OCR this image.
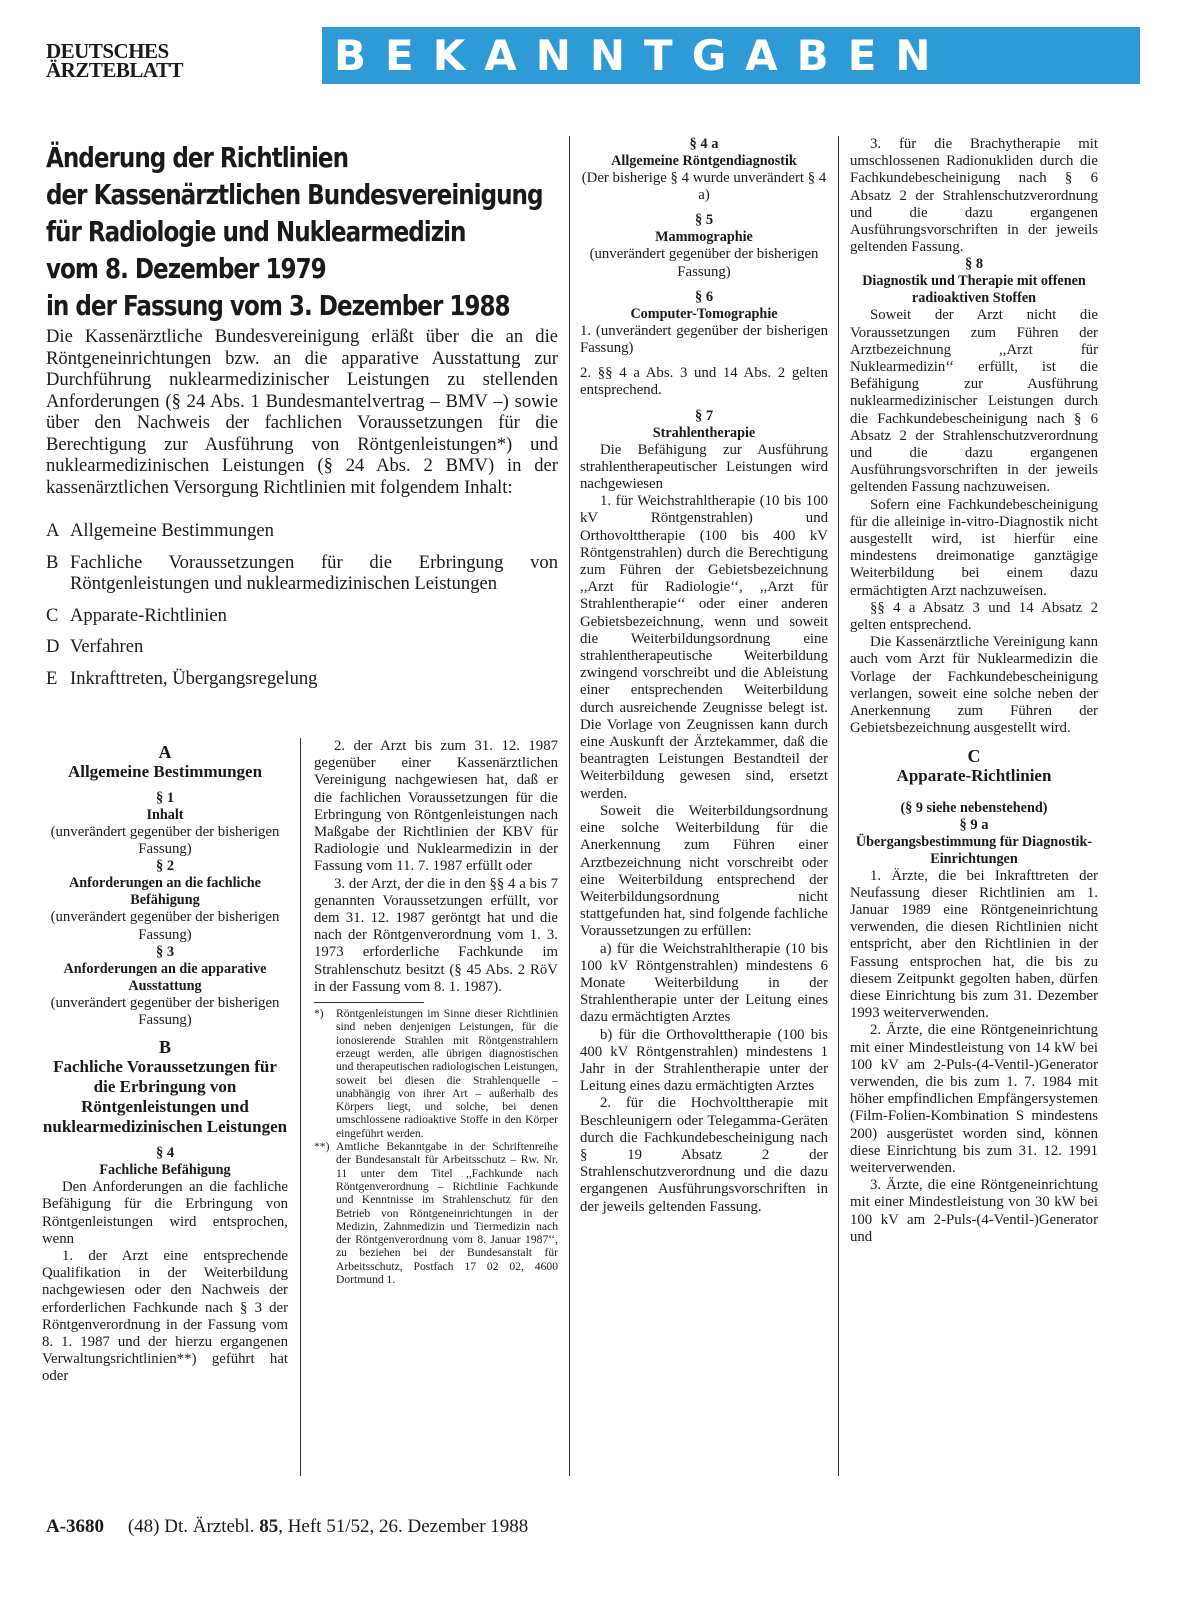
DEUTSCHES
ÄRZTEBLATT	BEKANNTGABEN
Änderung der Richtlinien
der Kassenärztlichen Bundesvereinigung
für Radiologie und Nuklearmedizin
vom 8. Dezember 1979
in der Fassung vom 3. Dezember 1988

Die Kassenärztliche Bundesvereinigung erläßt über die an die Röntgeneinrichtungen bzw. an die apparative Ausstattung zur Durchführung nuklearmedizinischer Leistungen zu stellenden Anforderungen (§ 24 Abs. 1 Bundesmantelvertrag – BMV –) sowie über den Nachweis der fachlichen Voraussetzungen für die Berechtigung zur Ausführung von Röntgenleistungen*) und nuklearmedizinischen Leistungen (§ 24 Abs. 2 BMV) in der kassenärztlichen Versorgung Richtlinien mit folgendem Inhalt:

A Allgemeine Bestimmungen
B Fachliche Voraussetzungen für die Erbringung von Röntgenleistungen und nuklearmedizinischen Leistungen
C Apparate-Richtlinien
D Verfahren
E Inkrafttreten, Übergangsregelung
A
Allgemeine Bestimmungen
§ 1
Inhalt

(unverändert gegenüber der bisherigen Fassung)

§ 2
Anforderungen an die fachliche Befähigung

(unverändert gegenüber der bisherigen Fassung)

§ 3
Anforderungen an die apparative Ausstattung

(unverändert gegenüber der bisherigen Fassung)

B
Fachliche Voraussetzungen für die Erbringung von Röntgenleistungen und nuklearmedizinischen Leistungen
§ 4
Fachliche Befähigung

Den Anforderungen an die fachliche Befähigung für die Erbringung von Röntgenleistungen wird entsprochen, wenn

1. der Arzt eine entsprechende Qualifikation in der Weiterbildung nachgewiesen oder den Nachweis der erforderlichen Fachkunde nach § 3 der Röntgenverordnung in der Fassung vom 8. 1. 1987 und der hierzu ergangenen Verwaltungsrichtlinien**) geführt hat oder

2. der Arzt bis zum 31. 12. 1987 gegenüber einer Kassenärztlichen Vereinigung nachgewiesen hat, daß er die fachlichen Voraussetzungen für die Erbringung von Röntgenleistungen nach Maßgabe der Richtlinien der KBV für Radiologie und Nuklearmedizin in der Fassung vom 11. 7. 1987 erfüllt oder

3. der Arzt, der die in den §§ 4 a bis 7 genannten Voraussetzungen erfüllt, vor dem 31. 12. 1987 geröntgt hat und die nach der Röntgenverordnung vom 1. 3. 1973 erforderliche Fachkunde im Strahlenschutz besitzt (§ 45 Abs. 2 RöV in der Fassung vom 8. 1. 1987).

*)	Röntgenleistungen im Sinne dieser Richtlinien sind neben denjenigen Leistungen, für die ionosierende Strahlen mit Röntgenstrahlern erzeugt werden, alle übrigen diagnostischen und therapeutischen radiologischen Leistungen, soweit bei diesen die Strahlenquelle – unabhängig von ihrer Art – außerhalb des Körpers liegt, und solche, bei denen umschlossene radioaktive Stoffe in den Körper eingeführt werden.
**) Amtliche Bekanntgabe in der Schriftenreihe der Bundesanstalt für Arbeitsschutz – Rw. Nr. 11 unter dem Titel ,,Fachkunde nach Röntgenverordnung – Richtlinie Fachkunde und Kenntnisse im Strahlenschutz für den Betrieb von Röntgeneinrichtungen in der Medizin, Zahnmedizin und Tiermedizin nach der Röntgenverordnung vom 8. Januar 1987‘‘, zu beziehen bei der Bundesanstalt für Arbeitsschutz, Postfach 17 02 02, 4600 Dortmund 1.
§ 4 a
Allgemeine Röntgendiagnostik

(Der bisherige § 4 wurde unverändert § 4 a)

§ 5
Mammographie

(unverändert gegenüber der bisherigen Fassung)

§ 6
Computer-Tomographie

1. (unverändert gegenüber der bisherigen Fassung)

2. §§ 4 a Abs. 3 und 14 Abs. 2 gelten entsprechend.

§ 7
Strahlentherapie

Die Befähigung zur Ausführung strahlentherapeutischer Leistungen wird nachgewiesen

1. für Weichstrahltherapie (10 bis 100 kV Röntgenstrahlen) und Orthovolttherapie (100 bis 400 kV Röntgenstrahlen) durch die Berechtigung zum Führen der Gebietsbezeichnung ,,Arzt für Radiologie‘‘, ,,Arzt für Strahlentherapie‘‘ oder einer anderen Gebietsbezeichnung, wenn und soweit die Weiterbildungsordnung eine strahlentherapeutische Weiterbildung zwingend vorschreibt und die Ableistung einer entsprechenden Weiterbildung durch ausreichende Zeugnisse belegt ist. Die Vorlage von Zeugnissen kann durch eine Auskunft der Ärztekammer, daß die beantragten Leistungen Bestandteil der Weiterbildung gewesen sind, ersetzt werden.

Soweit die Weiterbildungsordnung eine solche Weiterbildung für die Anerkennung zum Führen einer Arztbezeichnung nicht vorschreibt oder eine Weiterbildung entsprechend der Weiterbildungsordnung nicht stattgefunden hat, sind folgende fachliche Voraussetzungen zu erfüllen:

a) für die Weichstrahltherapie (10 bis 100 kV Röntgenstrahlen) mindestens 6 Monate Weiterbildung in der Strahlentherapie unter der Leitung eines dazu ermächtigten Arztes

b) für die Orthovolttherapie (100 bis 400 kV Röntgenstrahlen) mindestens 1 Jahr in der Strahlentherapie unter der Leitung eines dazu ermächtigten Arztes

2. für die Hochvolttherapie mit Beschleunigern oder Telegamma-Geräten durch die Fachkundebescheinigung nach § 19 Absatz 2 der Strahlenschutzverordnung und die dazu ergangenen Ausführungsvorschriften in der jeweils geltenden Fassung.

3. für die Brachytherapie mit umschlossenen Radionukliden durch die Fachkundebescheinigung nach § 6 Absatz 2 der Strahlenschutzverordnung und die dazu ergangenen Ausführungsvorschriften in der jeweils geltenden Fassung.

§ 8
Diagnostik und Therapie mit offenen radioaktiven Stoffen

Soweit der Arzt nicht die Voraussetzungen zum Führen der Arztbezeichnung ,,Arzt für Nuklearmedizin‘‘ erfüllt, ist die Befähigung zur Ausführung nuklearmedizinischer Leistungen durch die Fachkundebescheinigung nach § 6 Absatz 2 der Strahlenschutzverordnung und die dazu ergangenen Ausführungsvorschriften in der jeweils geltenden Fassung nachzuweisen.

Sofern eine Fachkundebescheinigung für die alleinige in-vitro-Diagnostik nicht ausgestellt wird, ist hierfür eine mindestens dreimonatige ganztägige Weiterbildung bei einem dazu ermächtigten Arzt nachzuweisen.

§§ 4 a Absatz 3 und 14 Absatz 2 gelten entsprechend.

Die Kassenärztliche Vereinigung kann auch vom Arzt für Nuklearmedizin die Vorlage der Fachkundebescheinigung verlangen, soweit eine solche neben der Anerkennung zum Führen der Gebietsbezeichnung ausgestellt wird.

C
Apparate-Richtlinien
(§ 9 siehe nebenstehend)
§ 9 a
Übergangsbestimmung für Diagnostik-Einrichtungen

1. Ärzte, die bei Inkrafttreten der Neufassung dieser Richtlinien am 1. Januar 1989 eine Röntgeneinrichtung verwenden, die diesen Richtlinien nicht entspricht, aber den Richtlinien in der Fassung entsprochen hat, die bis zu diesem Zeitpunkt gegolten haben, dürfen diese Einrichtung bis zum 31. Dezember 1993 weiterverwenden.

2. Ärzte, die eine Röntgeneinrichtung mit einer Mindestleistung von 14 kW bei 100 kV am 2-Puls-(4-Ventil-)Generator verwenden, die bis zum 1. 7. 1984 mit höher empfindlichen Empfängersystemen (Film-Folien-Kombination S mindestens 200) ausgerüstet worden sind, können diese Einrichtung bis zum 31. 12. 1991 weiterverwenden.

3. Ärzte, die eine Röntgeneinrichtung mit einer Mindestleistung von 30 kW bei 100 kV am 2-Puls-(4-Ventil-)Generator und

A-3680 (48) Dt. Ärztebl. 85, Heft 51/52, 26. Dezember 1988
